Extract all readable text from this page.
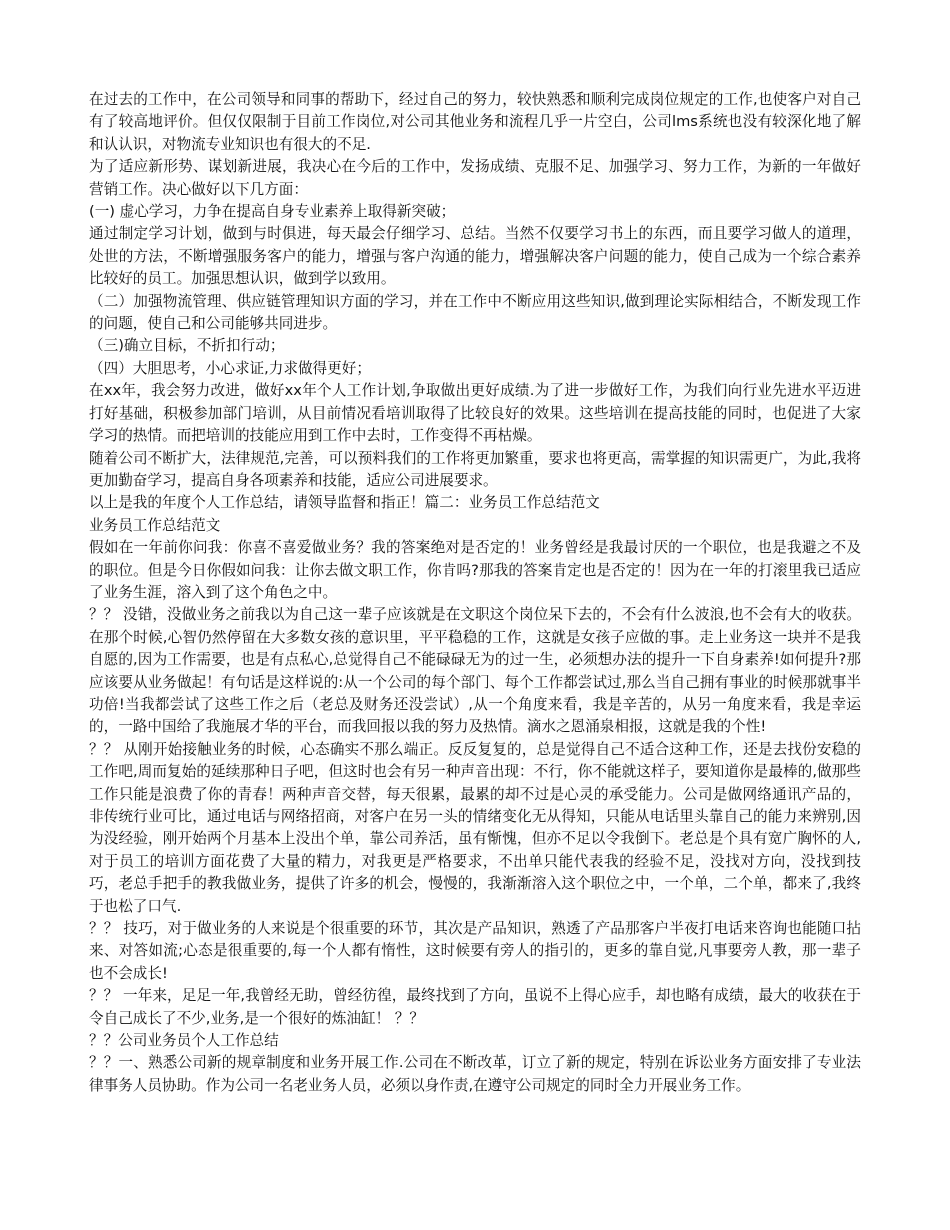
在过去的工作中，在公司领导和同事的帮助下，经过自己的努力，较快熟悉和顺利完成岗位规定的工作,也使客户对自己有了较高地评价。但仅仅限制于目前工作岗位,对公司其他业务和流程几乎一片空白，公司lms系统也没有较深化地了解和认认识，对物流专业知识也有很大的不足.

为了适应新形势、谋划新进展，我决心在今后的工作中，发扬成绩、克服不足、加强学习、努力工作，为新的一年做好营销工作。决心做好以下几方面：

(一) 虚心学习，力争在提高自身专业素养上取得新突破；

通过制定学习计划，做到与时俱进，每天最会仔细学习、总结。当然不仅要学习书上的东西，而且要学习做人的道理，处世的方法，不断增强服务客户的能力，增强与客户沟通的能力，增强解决客户问题的能力，使自己成为一个综合素养比较好的员工。加强思想认识，做到学以致用。

（二）加强物流管理、供应链管理知识方面的学习，并在工作中不断应用这些知识,做到理论实际相结合，不断发现工作的问题，使自己和公司能够共同进步。

（三)确立目标，不折扣行动；

（四）大胆思考，小心求证,力求做得更好；

在xx年，我会努力改进，做好xx年个人工作计划,争取做出更好成绩.为了进一步做好工作，为我们向行业先进水平迈进打好基础，积极参加部门培训，从目前情况看培训取得了比较良好的效果。这些培训在提高技能的同时，也促进了大家学习的热情。而把培训的技能应用到工作中去时，工作变得不再枯燥。

随着公司不断扩大，法律规范,完善，可以预料我们的工作将更加繁重，要求也将更高，需掌握的知识需更广，为此,我将更加勤奋学习，提高自身各项素养和技能，适应公司进展要求。

以上是我的年度个人工作总结，请领导监督和指正！篇二：业务员工作总结范文

业务员工作总结范文

假如在一年前你问我：你喜不喜爱做业务？我的答案绝对是否定的！业务曾经是我最讨厌的一个职位，也是我避之不及的职位。但是今日你假如问我：让你去做文职工作，你肯吗?那我的答案肯定也是否定的！因为在一年的打滚里我已适应了业务生涯，溶入到了这个角色之中。

？？ 没错，没做业务之前我以为自己这一辈子应该就是在文职这个岗位呆下去的，不会有什么波浪,也不会有大的收获。在那个时候,心智仍然停留在大多数女孩的意识里，平平稳稳的工作，这就是女孩子应做的事。走上业务这一块并不是我自愿的,因为工作需要，也是有点私心,总觉得自己不能碌碌无为的过一生，必须想办法的提升一下自身素养!如何提升?那应该要从业务做起！有句话是这样说的:从一个公司的每个部门、每个工作都尝试过,那么当自己拥有事业的时候那就事半功倍!当我都尝试了这些工作之后（老总及财务还没尝试）,从一个角度来看，我是辛苦的，从另一角度来看，我是幸运的，一路中国给了我施展才华的平台，而我回报以我的努力及热情。滴水之恩涌泉相报，这就是我的个性!

？？ 从刚开始接触业务的时候，心态确实不那么端正。反反复复的，总是觉得自己不适合这种工作，还是去找份安稳的工作吧,周而复始的延续那种日子吧，但这时也会有另一种声音出现：不行，你不能就这样子，要知道你是最棒的,做那些工作只能是浪费了你的青春！两种声音交替，每天很累，最累的却不过是心灵的承受能力。公司是做网络通讯产品的，非传统行业可比，通过电话与网络招商，对客户在另一头的情绪变化无从得知，只能从电话里头靠自己的能力来辨别,因为没经验，刚开始两个月基本上没出个单，靠公司养活，虽有惭愧，但亦不足以令我倒下。老总是个具有宽广胸怀的人,对于员工的培训方面花费了大量的精力，对我更是严格要求，不出单只能代表我的经验不足，没找对方向，没找到技巧，老总手把手的教我做业务，提供了许多的机会，慢慢的，我渐渐溶入这个职位之中，一个单，二个单，都来了,我终于也松了口气.

？？ 技巧，对于做业务的人来说是个很重要的环节，其次是产品知识，熟透了产品那客户半夜打电话来咨询也能随口拈来、对答如流;心态是很重要的,每一个人都有惰性，这时候要有旁人的指引的，更多的靠自觉,凡事要旁人教，那一辈子也不会成长!

？？ 一年来，足足一年,我曾经无助，曾经彷徨，最终找到了方向，虽说不上得心应手，却也略有成绩，最大的收获在于令自己成长了不少,业务,是一个很好的炼油缸！ ？？

？？公司业务员个人工作总结

？？一、熟悉公司新的规章制度和业务开展工作.公司在不断改革，订立了新的规定，特别在诉讼业务方面安排了专业法律事务人员协助。作为公司一名老业务人员，必须以身作责,在遵守公司规定的同时全力开展业务工作。
